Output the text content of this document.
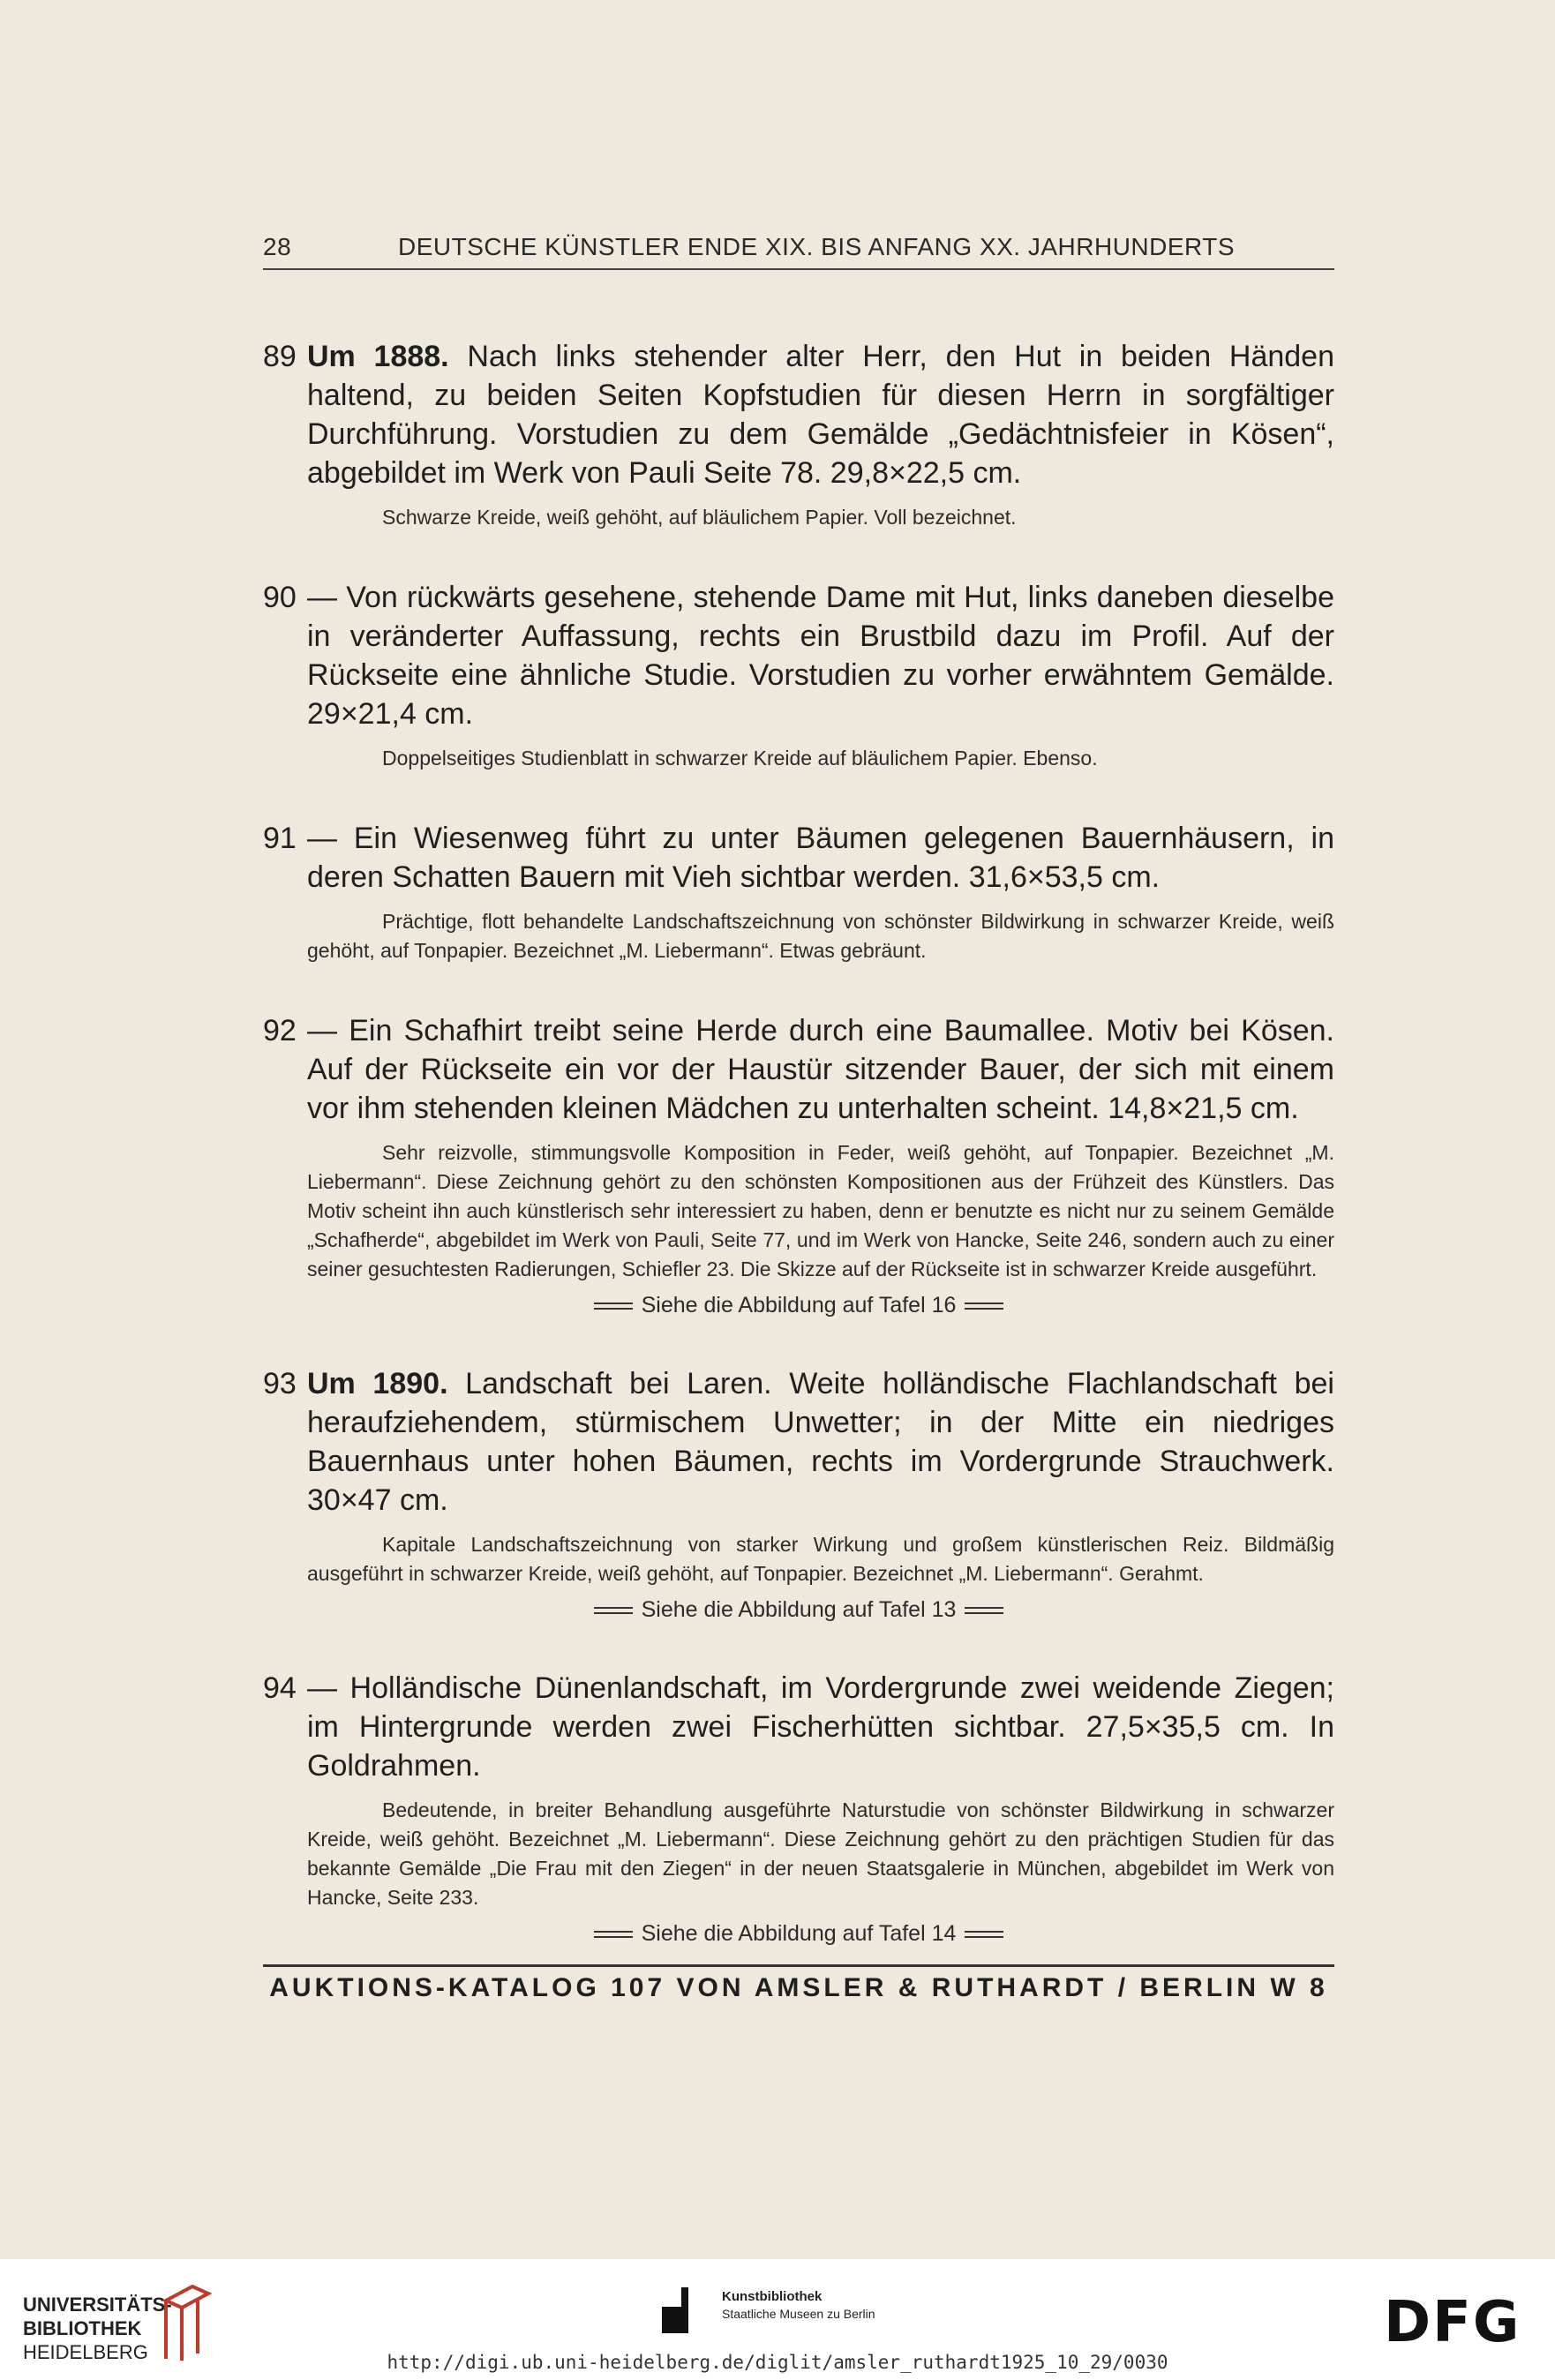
28	DEUTSCHE KÜNSTLER ENDE XIX. BIS ANFANG XX. JAHRHUNDERTS
89 Um 1888. Nach links stehender alter Herr, den Hut in beiden Händen haltend, zu beiden Seiten Kopfstudien für diesen Herrn in sorgfältiger Durchführung. Vorstudien zu dem Gemälde „Gedächtnisfeier in Kösen“, abgebildet im Werk von Pauli Seite 78. 29,8×22,5 cm.
Schwarze Kreide, weiß gehöht, auf bläulichem Papier. Voll bezeichnet.
90 — Von rückwärts gesehene, stehende Dame mit Hut, links daneben dieselbe in veränderter Auffassung, rechts ein Brustbild dazu im Profil. Auf der Rückseite eine ähnliche Studie. Vorstudien zu vorher erwähntem Gemälde. 29×21,4 cm.
Doppelseitiges Studienblatt in schwarzer Kreide auf bläulichem Papier. Ebenso.
91 — Ein Wiesenweg führt zu unter Bäumen gelegenen Bauernhäusern, in deren Schatten Bauern mit Vieh sichtbar werden. 31,6×53,5 cm.
Prächtige, flott behandelte Landschaftszeichnung von schönster Bildwirkung in schwarzer Kreide, weiß gehöht, auf Tonpapier. Bezeichnet „M. Liebermann“. Etwas gebräunt.
92 — Ein Schafhirt treibt seine Herde durch eine Baumallee. Motiv bei Kösen. Auf der Rückseite ein vor der Haustür sitzender Bauer, der sich mit einem vor ihm stehenden kleinen Mädchen zu unterhalten scheint. 14,8×21,5 cm.
Sehr reizvolle, stimmungsvolle Komposition in Feder, weiß gehöht, auf Tonpapier. Bezeichnet „M. Liebermann“. Diese Zeichnung gehört zu den schönsten Kompositionen aus der Frühzeit des Künstlers. Das Motiv scheint ihn auch künstlerisch sehr interessiert zu haben, denn er benutzte es nicht nur zu seinem Gemälde „Schafherde“, abgebildet im Werk von Pauli, Seite 77, und im Werk von Hancke, Seite 246, sondern auch zu einer seiner gesuchtesten Radierungen, Schiefler 23. Die Skizze auf der Rückseite ist in schwarzer Kreide ausgeführt.
Siehe die Abbildung auf Tafel 16
93 Um 1890. Landschaft bei Laren. Weite holländische Flachlandschaft bei heraufziehendem, stürmischem Unwetter; in der Mitte ein niedriges Bauernhaus unter hohen Bäumen, rechts im Vordergrunde Strauchwerk. 30×47 cm.
Kapitale Landschaftszeichnung von starker Wirkung und großem künstlerischen Reiz. Bildmäßig ausgeführt in schwarzer Kreide, weiß gehöht, auf Tonpapier. Bezeichnet „M. Liebermann“. Gerahmt.
Siehe die Abbildung auf Tafel 13
94 — Holländische Dünenlandschaft, im Vordergrunde zwei weidende Ziegen; im Hintergrunde werden zwei Fischerhütten sichtbar. 27,5×35,5 cm. In Goldrahmen.
Bedeutende, in breiter Behandlung ausgeführte Naturstudie von schönster Bildwirkung in schwarzer Kreide, weiß gehöht. Bezeichnet „M. Liebermann“. Diese Zeichnung gehört zu den prächtigen Studien für das bekannte Gemälde „Die Frau mit den Ziegen“ in der neuen Staatsgalerie in München, abgebildet im Werk von Hancke, Seite 233.
Siehe die Abbildung auf Tafel 14
AUKTIONS-KATALOG 107 VON AMSLER & RUTHARDT / BERLIN W 8
UNIVERSITÄTS-
BIBLIOTHEK
HEIDELBERG
Kunstbibliothek
Staatliche Museen zu Berlin	DFG
http://digi.ub.uni-heidelberg.de/diglit/amsler_ruthardt1925_10_29/0030
